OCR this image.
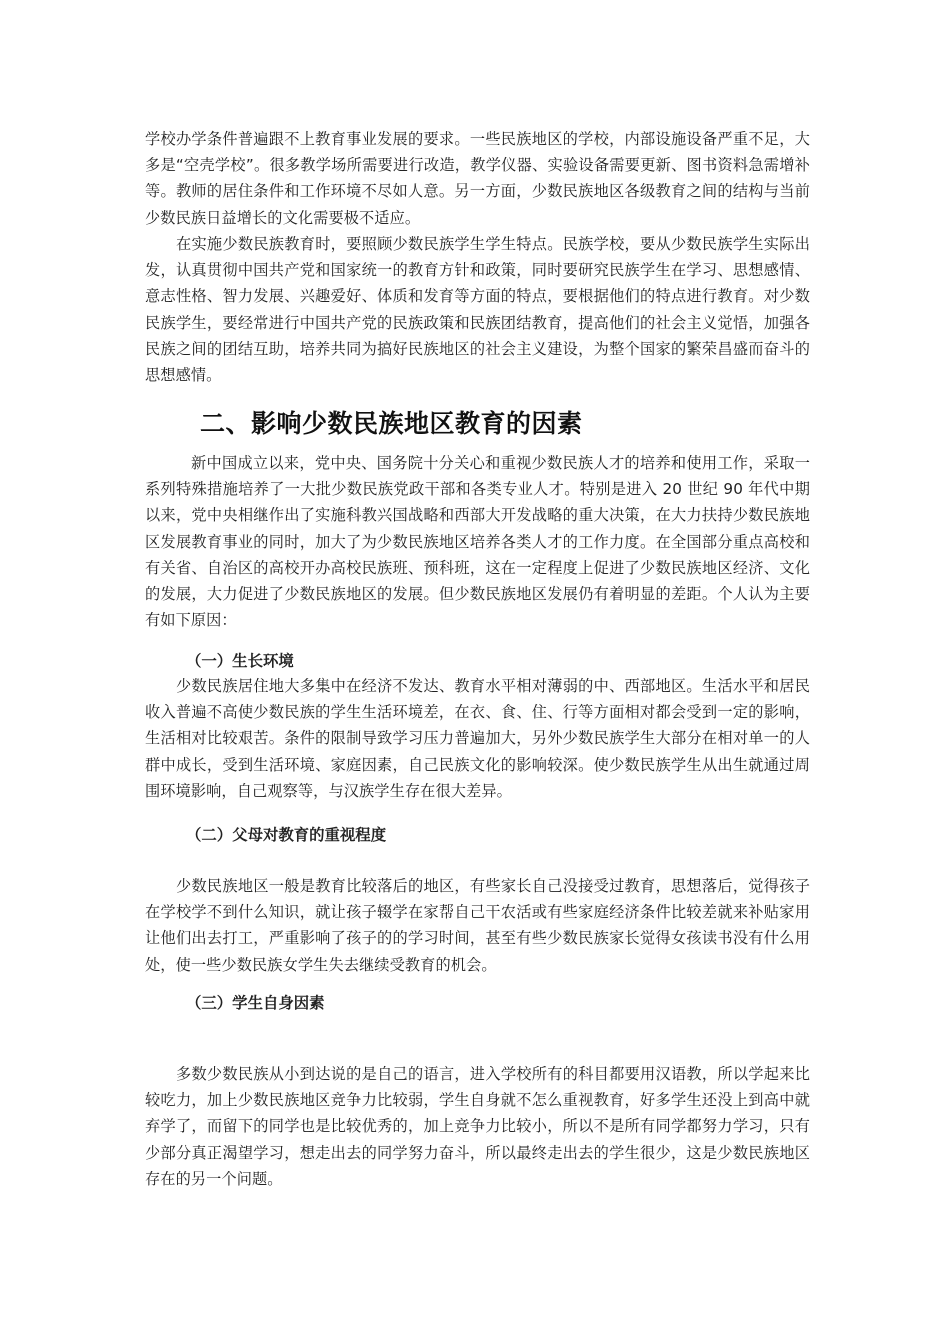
学校办学条件普遍跟不上教育事业发展的要求。一些民族地区的学校，内部设施设备严重不足，大多是“空壳学校”。很多教学场所需要进行改造，教学仪器、实验设备需要更新、图书资料急需增补等。教师的居住条件和工作环境不尽如人意。另一方面，少数民族地区各级教育之间的结构与当前少数民族日益增长的文化需要极不适应。

在实施少数民族教育时，要照顾少数民族学生学生特点。民族学校，要从少数民族学生实际出发，认真贯彻中国共产党和国家统一的教育方针和政策，同时要研究民族学生在学习、思想感情、意志性格、智力发展、兴趣爱好、体质和发育等方面的特点，要根据他们的特点进行教育。对少数民族学生，要经常进行中国共产党的民族政策和民族团结教育，提高他们的社会主义觉悟，加强各民族之间的团结互助，培养共同为搞好民族地区的社会主义建设，为整个国家的繁荣昌盛而奋斗的思想感情。

二、影响少数民族地区教育的因素

新中国成立以来，党中央、国务院十分关心和重视少数民族人才的培养和使用工作，采取一系列特殊措施培养了一大批少数民族党政干部和各类专业人才。特别是进入 20 世纪 90 年代中期以来，党中央相继作出了实施科教兴国战略和西部大开发战略的重大决策，在大力扶持少数民族地区发展教育事业的同时，加大了为少数民族地区培养各类人才的工作力度。在全国部分重点高校和有关省、自治区的高校开办高校民族班、预科班，这在一定程度上促进了少数民族地区经济、文化的发展，大力促进了少数民族地区的发展。但少数民族地区发展仍有着明显的差距。个人认为主要有如下原因：

（一）生长环境

少数民族居住地大多集中在经济不发达、教育水平相对薄弱的中、西部地区。生活水平和居民收入普遍不高使少数民族的学生生活环境差，在衣、食、住、行等方面相对都会受到一定的影响，生活相对比较艰苦。条件的限制导致学习压力普遍加大，另外少数民族学生大部分在相对单一的人群中成长，受到生活环境、家庭因素，自己民族文化的影响较深。使少数民族学生从出生就通过周围环境影响，自己观察等，与汉族学生存在很大差异。

（二）父母对教育的重视程度

少数民族地区一般是教育比较落后的地区，有些家长自己没接受过教育，思想落后，觉得孩子在学校学不到什么知识，就让孩子辍学在家帮自己干农活或有些家庭经济条件比较差就来补贴家用让他们出去打工，严重影响了孩子的的学习时间，甚至有些少数民族家长觉得女孩读书没有什么用处，使一些少数民族女学生失去继续受教育的机会。

（三）学生自身因素

多数少数民族从小到达说的是自己的语言，进入学校所有的科目都要用汉语教，所以学起来比较吃力，加上少数民族地区竞争力比较弱，学生自身就不怎么重视教育，好多学生还没上到高中就弃学了，而留下的同学也是比较优秀的，加上竞争力比较小，所以不是所有同学都努力学习，只有少部分真正渴望学习，想走出去的同学努力奋斗，所以最终走出去的学生很少，这是少数民族地区存在的另一个问题。
